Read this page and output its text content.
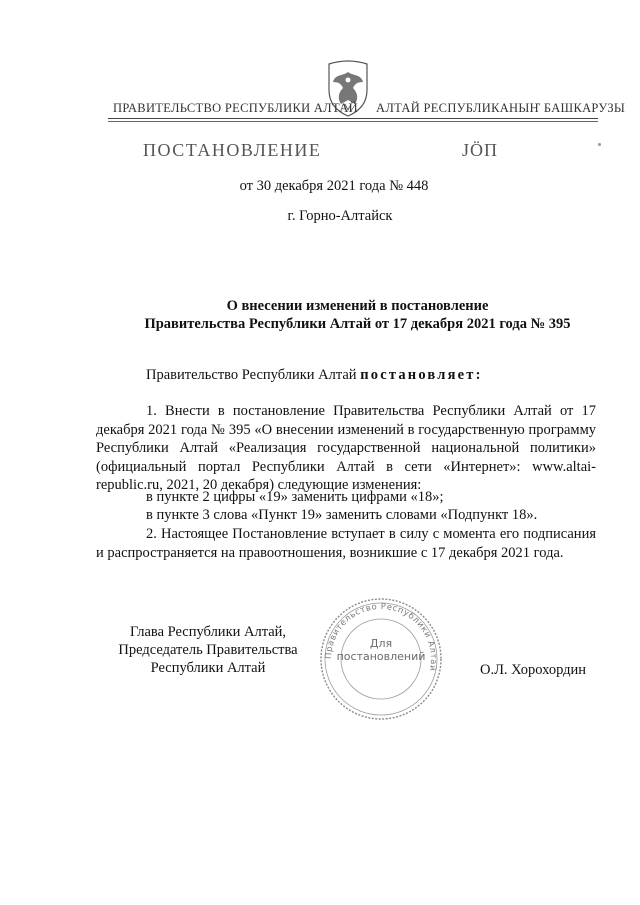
ПРАВИТЕЛЬСТВО РЕСПУБЛИКИ АЛТАЙ АЛТАЙ РЕСПУБЛИКАНЫҤ БАШКАРУЗЫ
ПОСТАНОВЛЕНИЕ	ЈӦП
от 30 декабря 2021 года № 448
г. Горно-Алтайск
О внесении изменений в постановление
Правительства Республики Алтай от 17 декабря 2021 года № 395
Правительство Республики Алтай постановляет:
1. Внести в постановление Правительства Республики Алтай от 17 декабря 2021 года № 395 «О внесении изменений в государственную программу Республики Алтай «Реализация государственной национальной политики» (официальный портал Республики Алтай в сети «Интернет»: www.altai-republic.ru, 2021, 20 декабря) следующие изменения:
в пункте 2 цифры «19» заменить цифрами «18»;
в пункте 3 слова «Пункт 19» заменить словами «Подпункт 18».
2. Настоящее Постановление вступает в силу с момента его подписания и распространяется на правоотношения, возникшие с 17 декабря 2021 года.
Глава Республики Алтай,
Председатель Правительства
Республики Алтай
Правительство Республики Алтай
Для
постановлений
О.Л. Хорохордин
